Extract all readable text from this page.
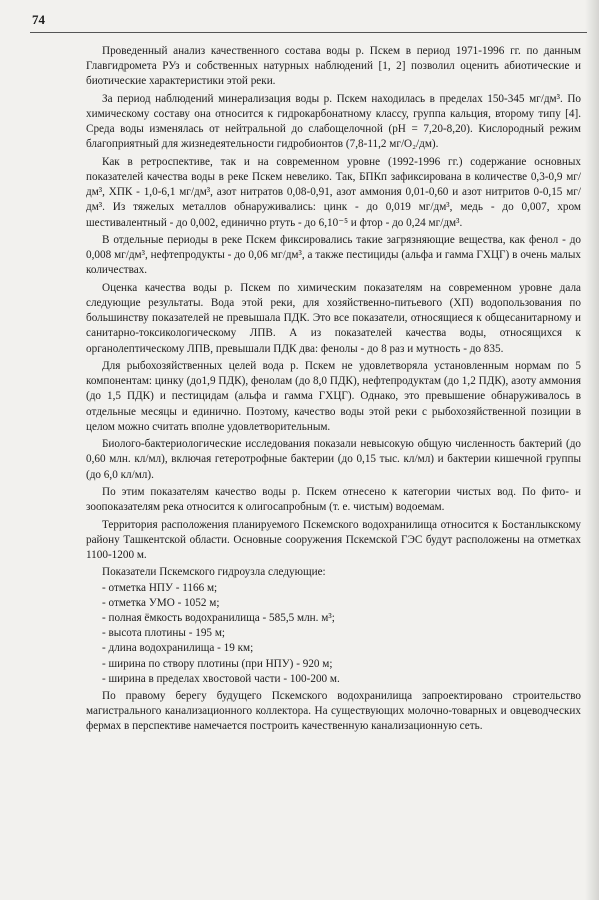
74

Проведенный анализ качественного состава воды р. Пскем в период 1971-1996 гг. по данным Главгидромета РУз и собственных натурных наблюдений [1, 2] позволил оценить абиотические и биотические характеристики этой реки.

За период наблюдений минерализация воды р. Пскем находилась в пределах 150-345 мг/дм³. По химическому составу она относится к гидрокарбонатному классу, группа кальция, второму типу [4]. Среда воды изменялась от нейтральной до слабощелочной (рН = 7,20-8,20). Кислородный режим благоприятный для жизнедеятельности гидробионтов (7,8-11,2 мг/O₂/дм).

Как в ретроспективе, так и на современном уровне (1992-1996 гг.) содержание основных показателей качества воды в реке Пскем невелико. Так, БПКп зафиксирована в количестве 0,3-0,9 мг/дм³, ХПК - 1,0-6,1 мг/дм³, азот нитратов 0,08-0,91, азот аммония 0,01-0,60 и азот нитритов 0-0,15 мг/дм³. Из тяжелых металлов обнаруживались: цинк - до 0,019 мг/дм³, медь - до 0,007, хром шестивалентный - до 0,002, единично ртуть - до 6,10⁻⁵ и фтор - до 0,24 мг/дм³.

В отдельные периоды в реке Пскем фиксировались такие загрязняющие вещества, как фенол - до 0,008 мг/дм³, нефтепродукты - до 0,06 мг/дм³, а также пестициды (альфа и гамма ГХЦГ) в очень малых количествах.

Оценка качества воды р. Пскем по химическим показателям на современном уровне дала следующие результаты. Вода этой реки, для хозяйственно-питьевого (ХП) водопользования по большинству показателей не превышала ПДК. Это все показатели, относящиеся к общесанитарному и санитарно-токсикологическому ЛПВ. А из показателей качества воды, относящихся к органолептическому ЛПВ, превышали ПДК два: фенолы - до 8 раз и мутность - до 835.

Для рыбохозяйственных целей вода р. Пскем не удовлетворяла установленным нормам по 5 компонентам: цинку (до1,9 ПДК), фенолам (до 8,0 ПДК), нефтепродуктам (до 1,2 ПДК), азоту аммония (до 1,5 ПДК) и пестицидам (альфа и гамма ГХЦГ). Однако, это превышение обнаруживалось в отдельные месяцы и единично. Поэтому, качество воды этой реки с рыбохозяйственной позиции в целом можно считать вполне удовлетворительным.

Биолого-бактериологические исследования показали невысокую общую численность бактерий (до 0,60 млн. кл/мл), включая гетеротрофные бактерии (до 0,15 тыс. кл/мл) и бактерии кишечной группы (до 6,0 кл/мл).

По этим показателям качество воды р. Пскем отнесено к категории чистых вод. По фито- и зоопоказателям река относится к олигосапробным (т. е. чистым) водоемам.

Территория расположения планируемого Пскемского водохранилища относится к Бостанлыкскому району Ташкентской области. Основные сооружения Пскемской ГЭС будут расположены на отметках 1100-1200 м.

Показатели Пскемского гидроузла следующие:

- отметка НПУ - 1166 м;
- отметка УМО - 1052 м;
- полная ёмкость водохранилища - 585,5 млн. м³;
- высота плотины - 195 м;
- длина водохранилища - 19 км;
- ширина по створу плотины (при НПУ) - 920 м;
- ширина в пределах хвостовой части - 100-200 м.

По правому берегу будущего Пскемского водохранилища запроектировано строительство магистрального канализационного коллектора. На существующих молочно-товарных и овцеводческих фермах в перспективе намечается построить качественную канализационную сеть.
